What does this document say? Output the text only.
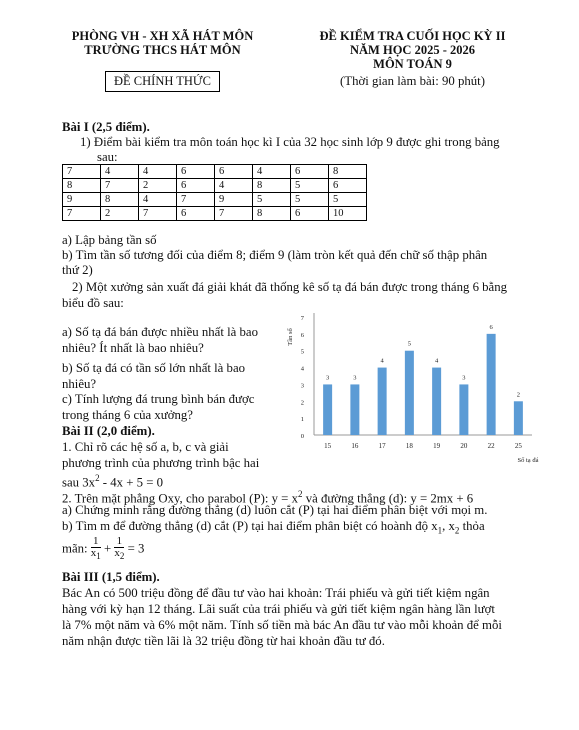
PHÒNG VH - XH XÃ HÁT MÔN
TRƯỜNG THCS HÁT MÔN
ĐỀ CHÍNH THỨC
ĐỀ KIỂM TRA CUỐI HỌC KỲ II
NĂM HỌC 2025 - 2026
MÔN TOÁN 9
(Thời gian làm bài: 90 phút)
Bài I (2,5 điểm).
1) Điểm bài kiểm tra môn toán học kì I của 32 học sinh lớp 9 được ghi trong bảng
sau:
7	4	4	6	6	4	6	8
8	7	2	6	4	8	5	6
9	8	4	7	9	5	5	5
7	2	7	6	7	8	6	10
a) Lập bảng tần số
b) Tìm tần số tương đối của điểm 8; điểm 9 (làm tròn kết quả đến chữ số thập phân
thứ 2)
2) Một xưởng sản xuất đá giải khát đã thống kê số tạ đá bán được trong tháng 6 bằng
biểu đồ sau:
a) Số tạ đá bán được nhiều nhất là bao
nhiêu? Ít nhất là bao nhiêu?
b) Số tạ đá có tần số lớn nhất là bao
nhiêu?
c) Tính lượng đá trung bình bán được
trong tháng 6 của xưởng?
0
1
2
3
4
5
6
7
Tần số
3
15
3
16
4
17
5
18
4
19
3
20
6
22
2
25
Số tạ đá
Bài II (2,0 điểm).
1. Chỉ rõ các hệ số a, b, c và giải
phương trình của phương trình bậc hai
sau $3x^2 - 4x + 5 = 0$
2. Trên mặt phẳng Oxy, cho parabol (P): $y = x^2$ và đường thẳng (d): y = 2mx + 6
a) Chứng minh rằng đường thẳng (d) luôn cắt (P) tại hai điểm phân biệt với mọi m.
b) Tìm m để đường thẳng (d) cắt (P) tại hai điểm phân biệt có hoành độ $x_1$, $x_2$ thỏa
mãn: $\frac{1}{x_1} + \frac{1}{x_2} = 3$
Bài III (1,5 điểm).
Bác An có 500 triệu đồng để đầu tư vào hai khoản: Trái phiếu và gửi tiết kiệm ngân
hàng với kỳ hạn 12 tháng. Lãi suất của trái phiếu và gửi tiết kiệm ngân hàng lần lượt
là 7% một năm và 6% một năm. Tính số tiền mà bác An đầu tư vào mỗi khoản để mỗi
năm nhận được tiền lãi là 32 triệu đồng từ hai khoản đầu tư đó.
